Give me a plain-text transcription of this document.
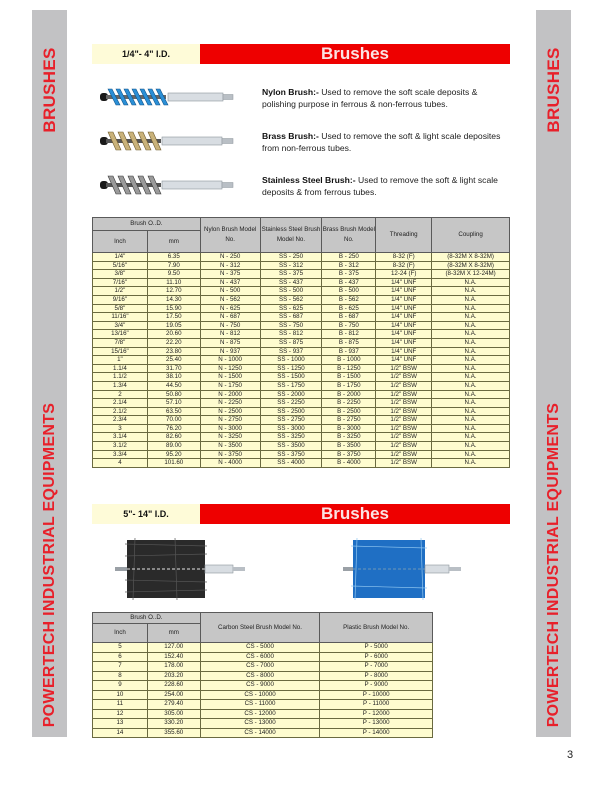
BRUSHES
POWERTECH INDUSTRIAL EQUIPMENTS
BRUSHES
POWERTECH INDUSTRIAL EQUIPMENTS
1/4"- 4" I.D.	Brushes
Nylon Brush:- Used to remove the soft scale deposits & polishing purpose in ferrous & non-ferrous tubes.
Brass Brush:- Used to remove the soft & light scale deposites from non-ferrous tubes.
Stainless Steel Brush:- Used to remove the soft & light scale deposits & from ferrous tubes.
Brush O..D.		Nylon Brush Model No.	Stainless Steel Brush Model No.	Brass Brush Model No.	Threading	Coupling
Inch	mm					
1/4"	6.35	N - 250	SS - 250	B - 250	8-32 (F)	(8-32M X 8-32M)
5/16"	7.90	N - 312	SS - 312	B - 312	8-32 (F)	(8-32M X 8-32M)
3/8"	9.50	N - 375	SS - 375	B - 375	12-24 (F)	(8-32M X 12-24M)
7/16"	11.10	N - 437	SS - 437	B - 437	1/4" UNF	N.A.
1/2"	12.70	N - 500	SS - 500	B - 500	1/4" UNF	N.A.
9/16"	14.30	N - 562	SS - 562	B - 562	1/4" UNF	N.A.
5/8"	15.90	N - 625	SS - 625	B - 625	1/4" UNF	N.A.
11/16"	17.50	N - 687	SS - 687	B - 687	1/4" UNF	N.A.
3/4"	19.05	N - 750	SS - 750	B - 750	1/4" UNF	N.A.
13/16"	20.60	N - 812	SS - 812	B - 812	1/4" UNF	N.A.
7/8"	22.20	N - 875	SS - 875	B - 875	1/4" UNF	N.A.
15/16"	23.80	N - 937	SS - 937	B - 937	1/4" UNF	N.A.
1"	25.40	N - 1000	SS - 1000	B - 1000	1/4" UNF	N.A.
1.1/4	31.70	N - 1250	SS - 1250	B - 1250	1/2" BSW	N.A.
1.1/2	38.10	N - 1500	SS - 1500	B - 1500	1/2" BSW	N.A.
1.3/4	44.50	N - 1750	SS - 1750	B - 1750	1/2" BSW	N.A.
2	50.80	N - 2000	SS - 2000	B - 2000	1/2" BSW	N.A.
2.1/4	57.10	N - 2250	SS - 2250	B - 2250	1/2" BSW	N.A.
2.1/2	63.50	N - 2500	SS - 2500	B - 2500	1/2" BSW	N.A.
2.3/4	70.00	N - 2750	SS - 2750	B - 2750	1/2" BSW	N.A.
3	76.20	N - 3000	SS - 3000	B - 3000	1/2" BSW	N.A.
3.1/4	82.60	N - 3250	SS - 3250	B - 3250	1/2" BSW	N.A.
3.1/2	89.00	N - 3500	SS - 3500	B - 3500	1/2" BSW	N.A.
3.3/4	95.20	N - 3750	SS - 3750	B - 3750	1/2" BSW	N.A.
4	101.60	N - 4000	SS - 4000	B - 4000	1/2" BSW	N.A.
5"- 14" I.D.	Brushes
Brush O..D.		Carbon Steel Brush Model No.	Plastic Brush Model No.
Inch	mm		
5	127.00	CS - 5000	P - 5000
6	152.40	CS - 6000	P - 6000
7	178.00	CS - 7000	P - 7000
8	203.20	CS - 8000	P - 8000
9	228.60	CS - 9000	P - 9000
10	254.00	CS - 10000	P - 10000
11	279.40	CS - 11000	P - 11000
12	305.00	CS - 12000	P - 12000
13	330.20	CS - 13000	P - 13000
14	355.60	CS - 14000	P - 14000
3
